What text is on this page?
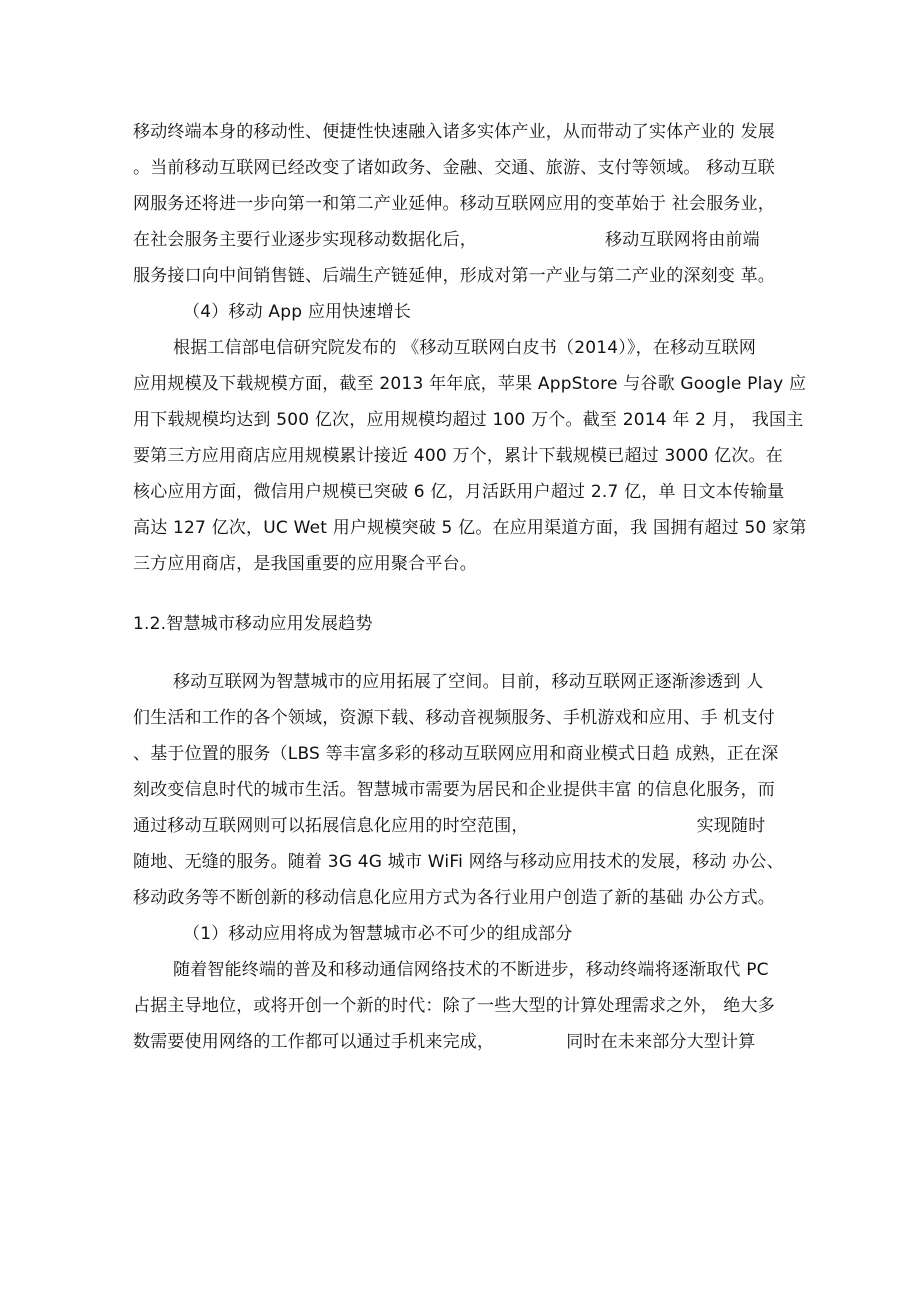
移动终端本身的移动性、便捷性快速融入诸多实体产业，从而带动了实体产业的 发展
。当前移动互联网已经改变了诸如政务、金融、交通、旅游、支付等领域。 移动互联
网服务还将进一步向第一和第二产业延伸。移动互联网应用的变革始于 社会服务业，
在社会服务主要行业逐步实现移动数据化后，	移动互联网将由前端
服务接口向中间销售链、后端生产链延伸，形成对第一产业与第二产业的深刻变 革。
（4）移动 App 应用快速增长
根据工信部电信研究院发布的 《移动互联网白皮书（2014）》，在移动互联网
应用规模及下载规模方面，截至 2013 年年底，苹果 AppStore 与谷歌 Google Play 应
用下载规模均达到 500 亿次，应用规模均超过 100 万个。截至 2014 年 2 月， 我国主
要第三方应用商店应用规模累计接近 400 万个，累计下载规模已超过 3000 亿次。在
核心应用方面，微信用户规模已突破 6 亿，月活跃用户超过 2.7 亿，单 日文本传输量
高达 127 亿次，UC Wet 用户规模突破 5 亿。在应用渠道方面，我 国拥有超过 50 家第
三方应用商店，是我国重要的应用聚合平台。
1.2.智慧城市移动应用发展趋势
移动互联网为智慧城市的应用拓展了空间。目前，移动互联网正逐渐渗透到 人
们生活和工作的各个领域，资源下载、移动音视频服务、手机游戏和应用、手 机支付
、基于位置的服务（LBS 等丰富多彩的移动互联网应用和商业模式日趋 成熟，正在深
刻改变信息时代的城市生活。智慧城市需要为居民和企业提供丰富 的信息化服务，而
通过移动互联网则可以拓展信息化应用的时空范围，	实现随时
随地、无缝的服务。随着 3G 4G 城市 WiFi 网络与移动应用技术的发展，移动 办公、
移动政务等不断创新的移动信息化应用方式为各行业用户创造了新的基础 办公方式。
（1）移动应用将成为智慧城市必不可少的组成部分
随着智能终端的普及和移动通信网络技术的不断进步，移动终端将逐渐取代 PC
占据主导地位，或将开创一个新的时代：除了一些大型的计算处理需求之外， 绝大多
数需要使用网络的工作都可以通过手机来完成，	同时在未来部分大型计算
